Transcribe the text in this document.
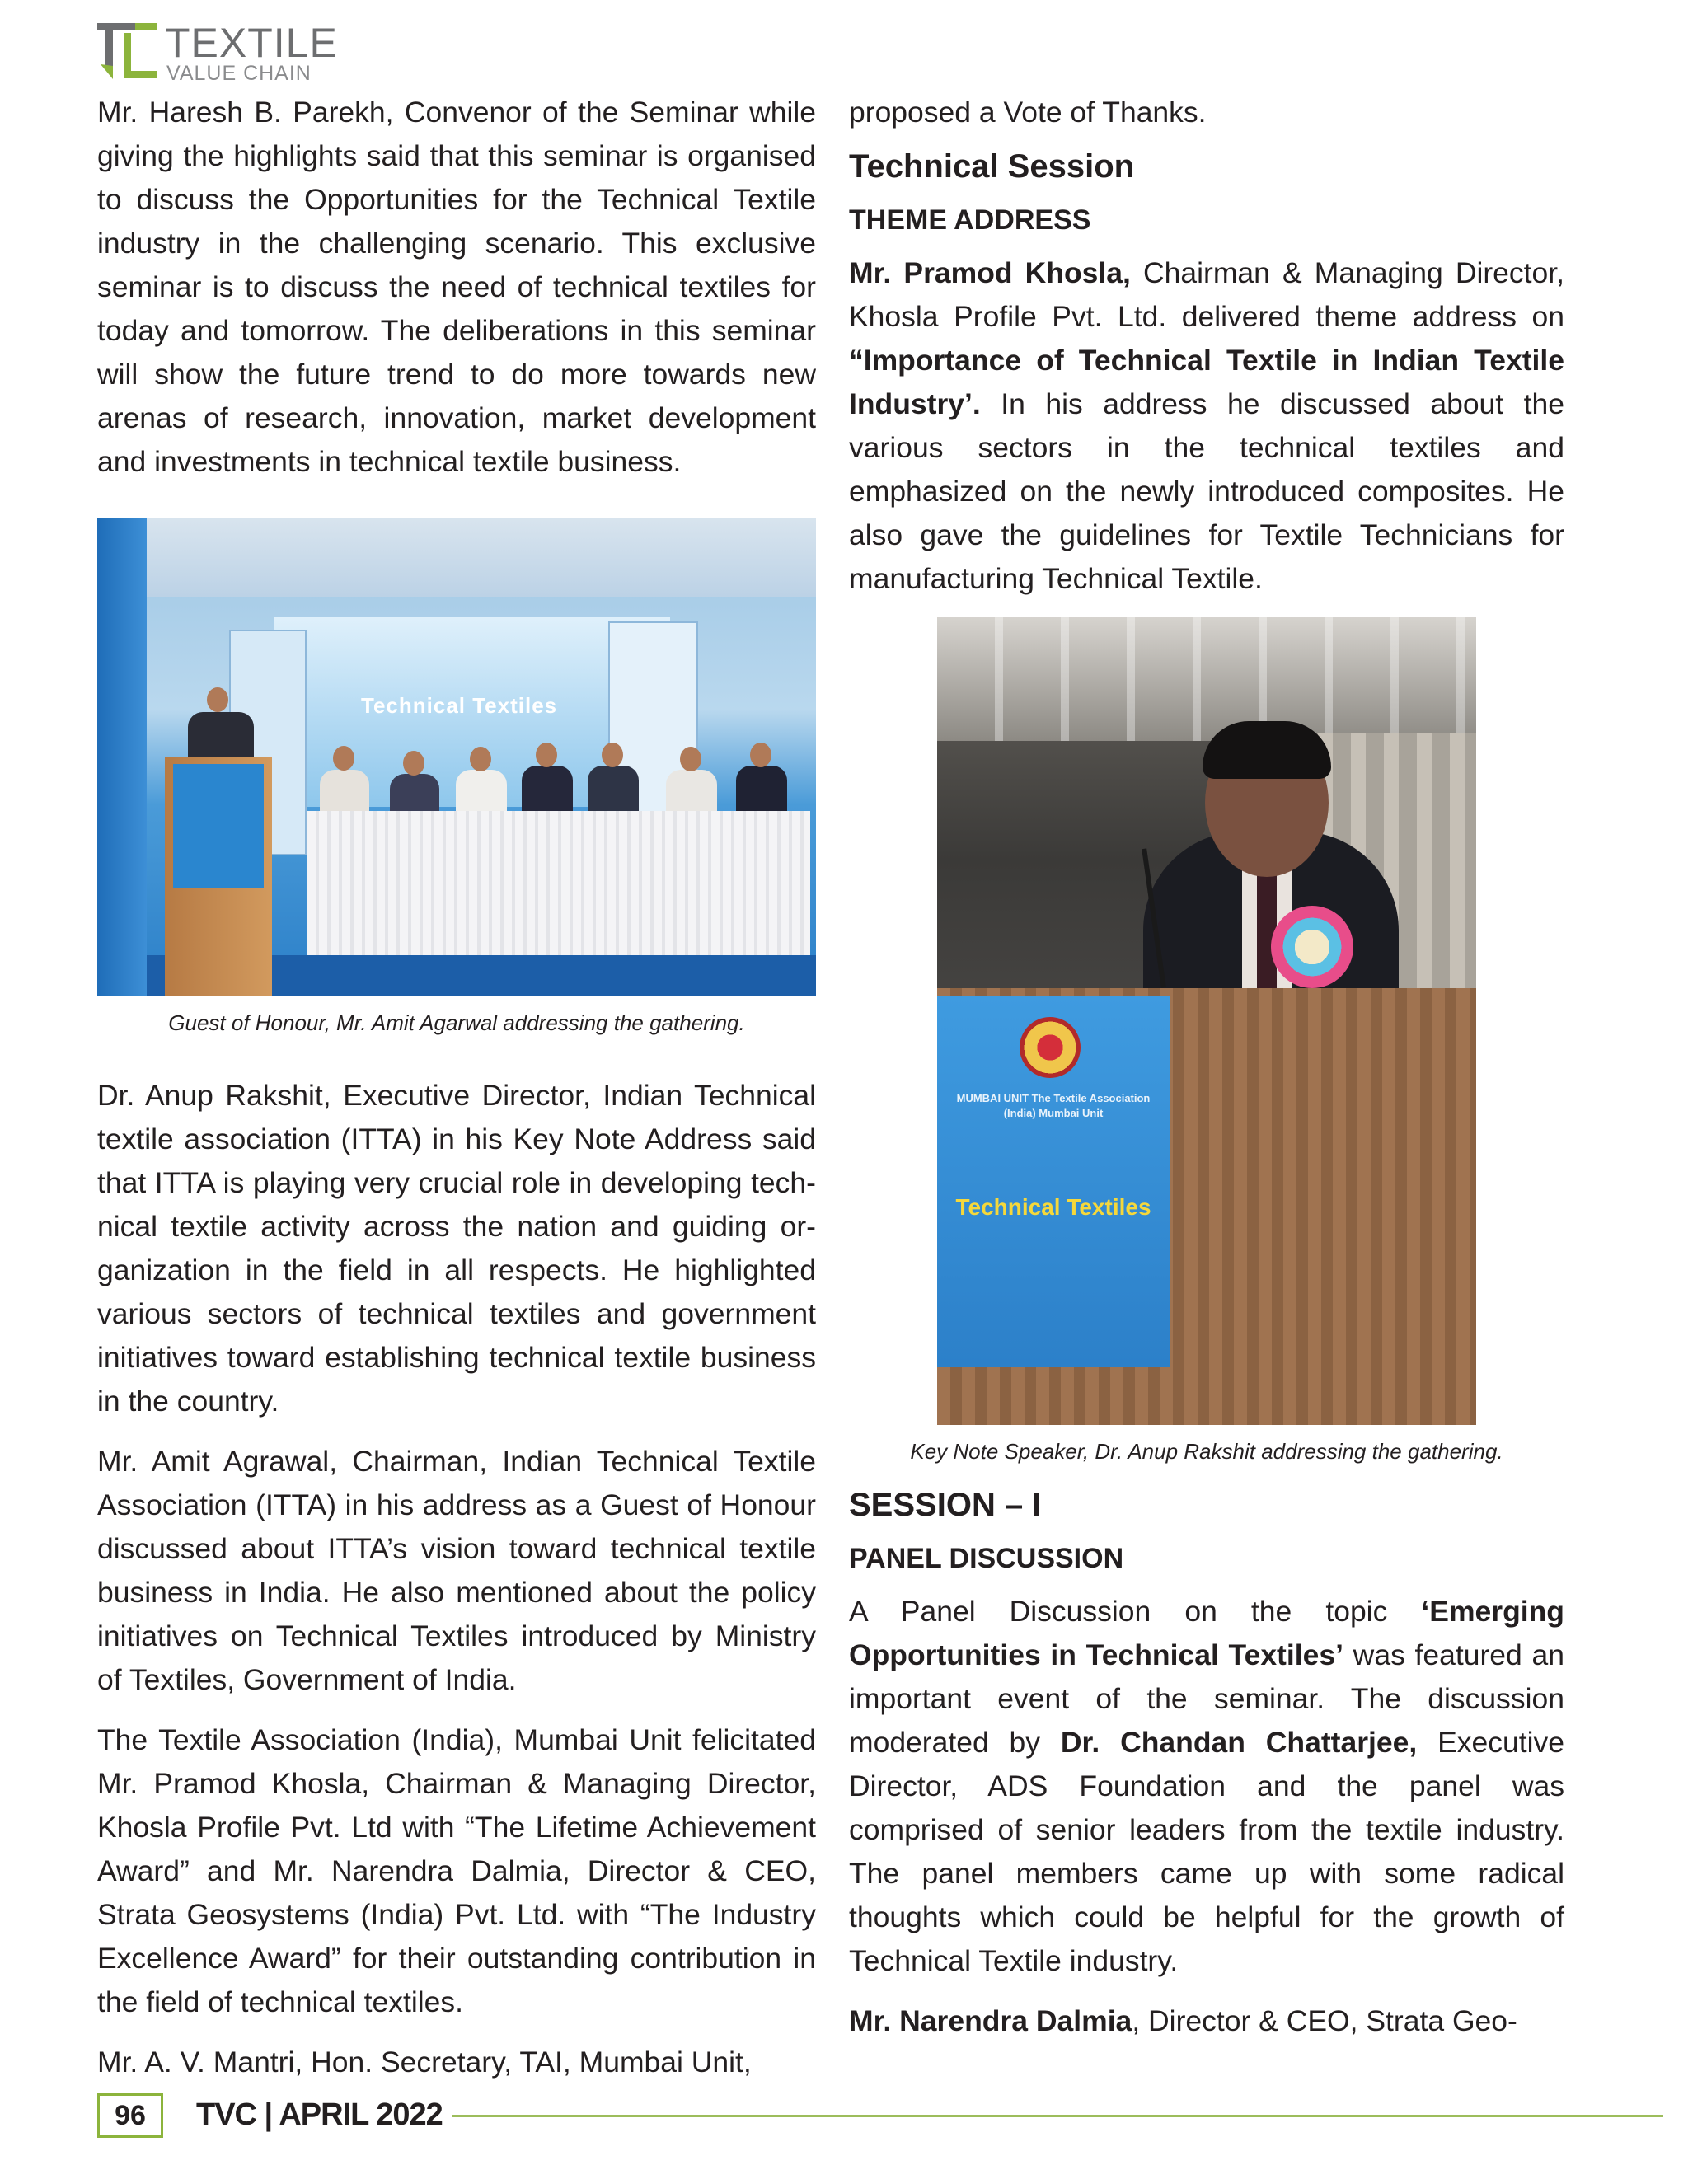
TEXTILE
VALUE CHAIN

Mr. Haresh B. Parekh, Convenor of the Seminar while giving the highlights said that this seminar is organised to discuss the Opportunities for the Technical Textile industry in the challenging scenario. This exclusive seminar is to discuss the need of technical textiles for today and tomorrow. The deliberations in this seminar will show the future trend to do more towards new arenas of research, innovation, market development and investments in technical textile business.

Technical Textiles
Guest of Honour, Mr. Amit Agarwal addressing the gathering.

Dr. Anup Rakshit, Executive Director, Indian Technical textile association (ITTA) in his Key Note Address said that ITTA is playing very crucial role in developing technical textile activity across the nation and guiding organization in the field in all respects. He highlighted various sectors of technical textiles and government initiatives toward establishing technical textile business in the country.

Mr. Amit Agrawal, Chairman, Indian Technical Textile Association (ITTA) in his address as a Guest of Honour discussed about ITTA’s vision toward technical textile business in India. He also mentioned about the policy initiatives on Technical Textiles introduced by Ministry of Textiles, Government of India.

The Textile Association (India), Mumbai Unit felicitated Mr. Pramod Khosla, Chairman & Managing Director, Khosla Profile Pvt. Ltd with “The Lifetime Achievement Award” and Mr. Narendra Dalmia, Director & CEO, Strata Geosystems (India) Pvt. Ltd. with “The Industry Excellence Award” for their outstanding contribution in the field of technical textiles.

Mr. A. V. Mantri, Hon. Secretary, TAI, Mumbai Unit,

proposed a Vote of Thanks.

Technical Session
THEME ADDRESS

Mr. Pramod Khosla, Chairman & Managing Director, Khosla Profile Pvt. Ltd. delivered theme address on “Importance of Technical Textile in Indian Textile Industry’. In his address he discussed about the various sectors in the technical textiles and emphasized on the newly introduced composites. He also gave the guidelines for Textile Technicians for manufacturing Technical Textile.

MUMBAI UNIT The Textile Association (India) Mumbai Unit
Technical Textiles
Key Note Speaker, Dr. Anup Rakshit addressing the gathering.
SESSION – I
PANEL DISCUSSION

A Panel Discussion on the topic ‘Emerging Opportunities in Technical Textiles’ was featured an important event of the seminar. The discussion moderated by Dr. Chandan Chattarjee, Executive Director, ADS Foundation and the panel was comprised of senior leaders from the textile industry. The panel members came up with some radical thoughts which could be helpful for the growth of Technical Textile industry.

Mr. Narendra Dalmia, Director & CEO, Strata Geo-

96	TVC | APRIL 2022
